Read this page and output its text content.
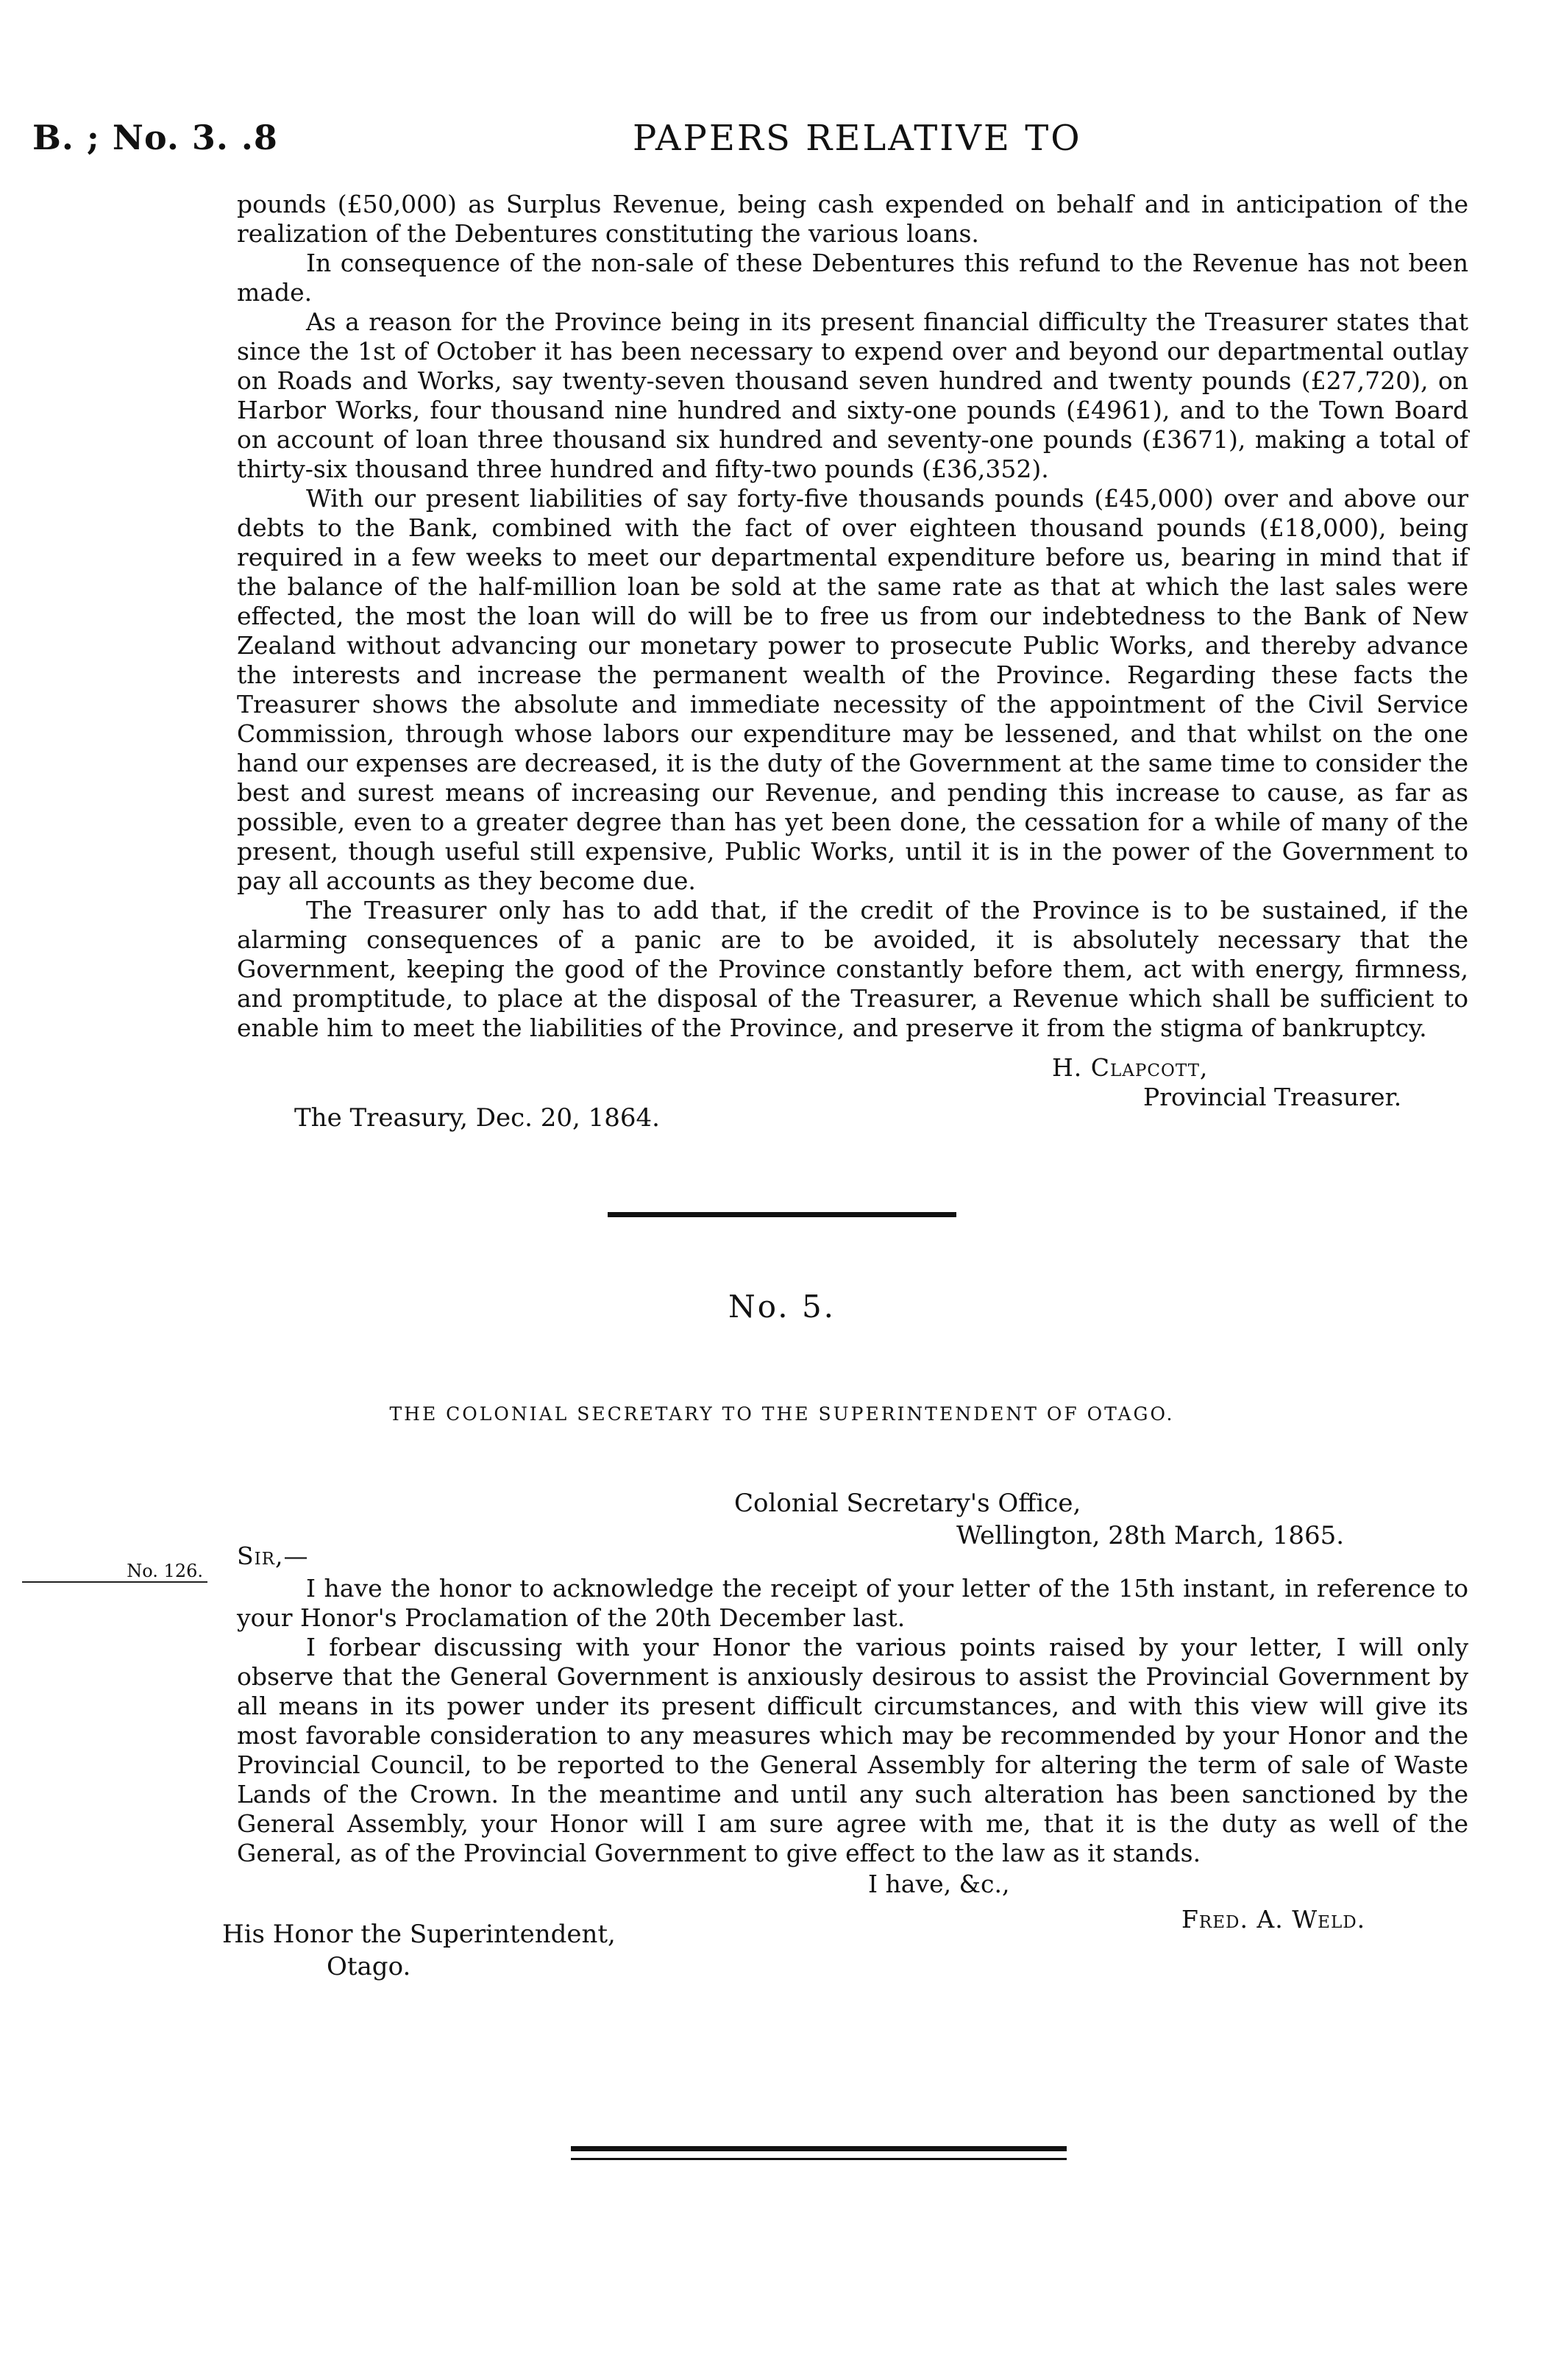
B. ; No. 3. .8	PAPERS RELATIVE TO

pounds (£50,000) as Surplus Revenue, being cash expended on behalf and in anticipation of the realization of the Debentures constituting the various loans.

In consequence of the non-sale of these Debentures this refund to the Revenue has not been made.

As a reason for the Province being in its present financial difficulty the Treasurer states that since the 1st of October it has been necessary to expend over and beyond our departmental outlay on Roads and Works, say twenty-seven thousand seven hundred and twenty pounds (£27,720), on Harbor Works, four thousand nine hundred and sixty-one pounds (£4961), and to the Town Board on account of loan three thousand six hundred and seventy-one pounds (£3671), making a total of thirty-six thousand three hundred and fifty-two pounds (£36,352).

With our present liabilities of say forty-five thousands pounds (£45,000) over and above our debts to the Bank, combined with the fact of over eighteen thousand pounds (£18,000), being required in a few weeks to meet our departmental expenditure before us, bearing in mind that if the balance of the half-million loan be sold at the same rate as that at which the last sales were effected, the most the loan will do will be to free us from our indebtedness to the Bank of New Zealand without advancing our monetary power to prosecute Public Works, and thereby advance the interests and increase the permanent wealth of the Province. Regarding these facts the Treasurer shows the absolute and immediate necessity of the appointment of the Civil Service Commission, through whose labors our expenditure may be lessened, and that whilst on the one hand our expenses are decreased, it is the duty of the Government at the same time to consider the best and surest means of increasing our Revenue, and pending this increase to cause, as far as possible, even to a greater degree than has yet been done, the cessation for a while of many of the present, though useful still expensive, Public Works, until it is in the power of the Government to pay all accounts as they become due.

The Treasurer only has to add that, if the credit of the Province is to be sustained, if the alarming consequences of a panic are to be avoided, it is absolutely necessary that the Government, keeping the good of the Province constantly before them, act with energy, firmness, and promptitude, to place at the disposal of the Treasurer, a Revenue which shall be sufficient to enable him to meet the liabilities of the Province, and preserve it from the stigma of bankruptcy.

H. Clapcott,
Provincial Treasurer.
The Treasury, Dec. 20, 1864.
No. 5.
THE COLONIAL SECRETARY TO THE SUPERINTENDENT OF OTAGO.
Colonial Secretary's Office,
Wellington, 28th March, 1865.
No. 126.
Sir,—

I have the honor to acknowledge the receipt of your letter of the 15th instant, in reference to your Honor's Proclamation of the 20th December last.

I forbear discussing with your Honor the various points raised by your letter, I will only observe that the General Government is anxiously desirous to assist the Provincial Government by all means in its power under its present difficult circumstances, and with this view will give its most favorable consideration to any measures which may be recommended by your Honor and the Provincial Council, to be reported to the General Assembly for altering the term of sale of Waste Lands of the Crown. In the meantime and until any such alteration has been sanctioned by the General Assembly, your Honor will I am sure agree with me, that it is the duty as well of the General, as of the Provincial Government to give effect to the law as it stands.

I have, &c.,
Fred. A. Weld.
His Honor the Superintendent,
Otago.
